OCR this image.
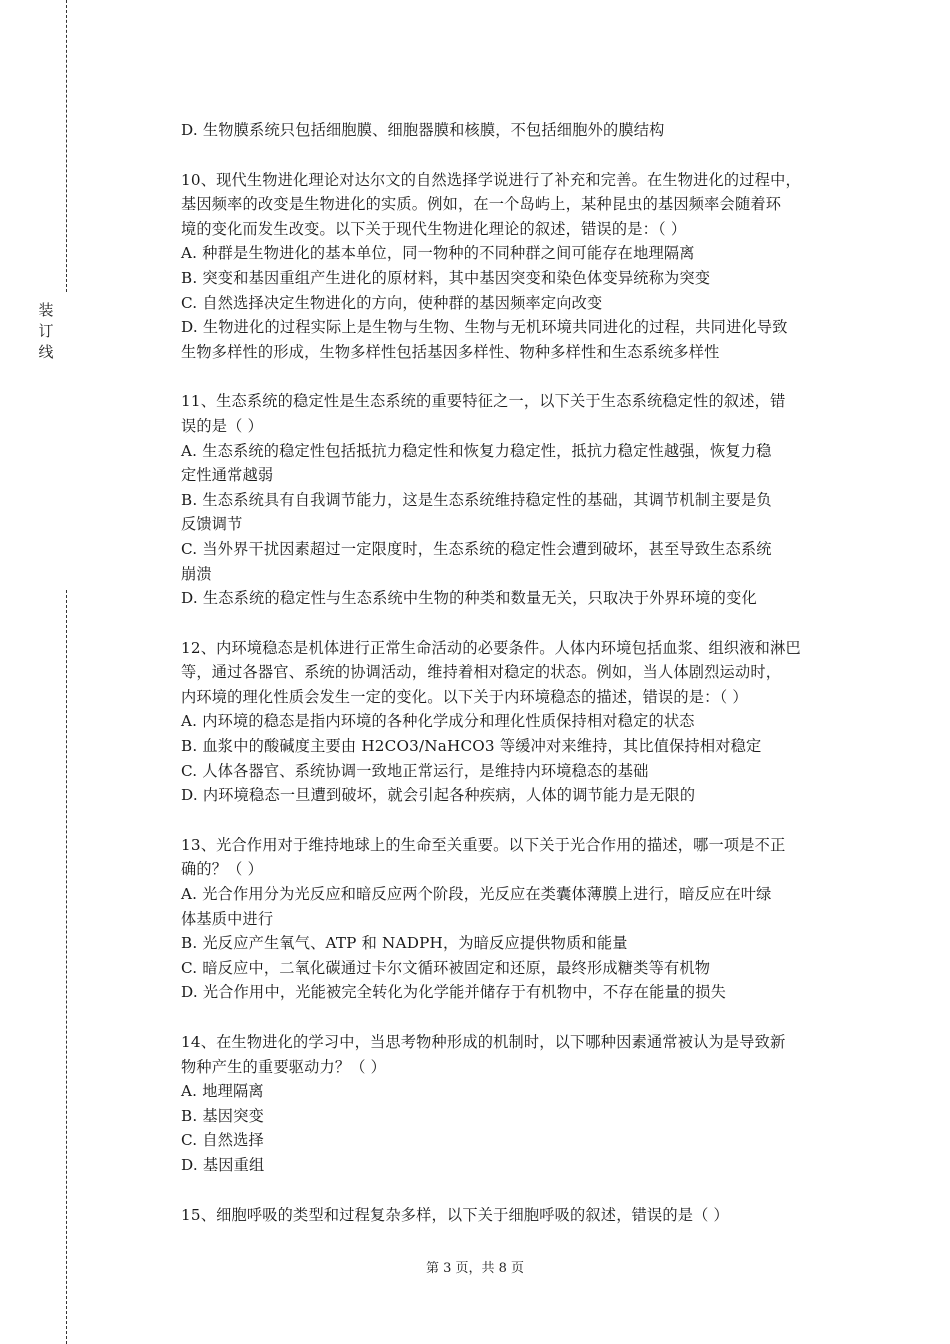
装
订
线
D. 生物膜系统只包括细胞膜、细胞器膜和核膜，不包括细胞外的膜结构
10、现代生物进化理论对达尔文的自然选择学说进行了补充和完善。在生物进化的过程中，
基因频率的改变是生物进化的实质。例如，在一个岛屿上，某种昆虫的基因频率会随着环
境的变化而发生改变。以下关于现代生物进化理论的叙述，错误的是：（ ）
A. 种群是生物进化的基本单位，同一物种的不同种群之间可能存在地理隔离
B. 突变和基因重组产生进化的原材料，其中基因突变和染色体变异统称为突变
C. 自然选择决定生物进化的方向，使种群的基因频率定向改变
D. 生物进化的过程实际上是生物与生物、生物与无机环境共同进化的过程，共同进化导致
生物多样性的形成，生物多样性包括基因多样性、物种多样性和生态系统多样性
11、生态系统的稳定性是生态系统的重要特征之一，以下关于生态系统稳定性的叙述，错
误的是（ ）
A. 生态系统的稳定性包括抵抗力稳定性和恢复力稳定性，抵抗力稳定性越强，恢复力稳
定性通常越弱
B. 生态系统具有自我调节能力，这是生态系统维持稳定性的基础，其调节机制主要是负
反馈调节
C. 当外界干扰因素超过一定限度时，生态系统的稳定性会遭到破坏，甚至导致生态系统
崩溃
D. 生态系统的稳定性与生态系统中生物的种类和数量无关，只取决于外界环境的变化
12、内环境稳态是机体进行正常生命活动的必要条件。人体内环境包括血浆、组织液和淋巴
等，通过各器官、系统的协调活动，维持着相对稳定的状态。例如，当人体剧烈运动时，
内环境的理化性质会发生一定的变化。以下关于内环境稳态的描述，错误的是：（ ）
A. 内环境的稳态是指内环境的各种化学成分和理化性质保持相对稳定的状态
B. 血浆中的酸碱度主要由 H2CO3/NaHCO3 等缓冲对来维持，其比值保持相对稳定
C. 人体各器官、系统协调一致地正常运行，是维持内环境稳态的基础
D. 内环境稳态一旦遭到破坏，就会引起各种疾病，人体的调节能力是无限的
13、光合作用对于维持地球上的生命至关重要。以下关于光合作用的描述，哪一项是不正
确的？（ ）
A. 光合作用分为光反应和暗反应两个阶段，光反应在类囊体薄膜上进行，暗反应在叶绿
体基质中进行
B. 光反应产生氧气、ATP 和 NADPH，为暗反应提供物质和能量
C. 暗反应中，二氧化碳通过卡尔文循环被固定和还原，最终形成糖类等有机物
D. 光合作用中，光能被完全转化为化学能并储存于有机物中，不存在能量的损失
14、在生物进化的学习中，当思考物种形成的机制时，以下哪种因素通常被认为是导致新
物种产生的重要驱动力？（ ）
A. 地理隔离
B. 基因突变
C. 自然选择
D. 基因重组
15、细胞呼吸的类型和过程复杂多样，以下关于细胞呼吸的叙述，错误的是（ ）
第 3 页，共 8 页
